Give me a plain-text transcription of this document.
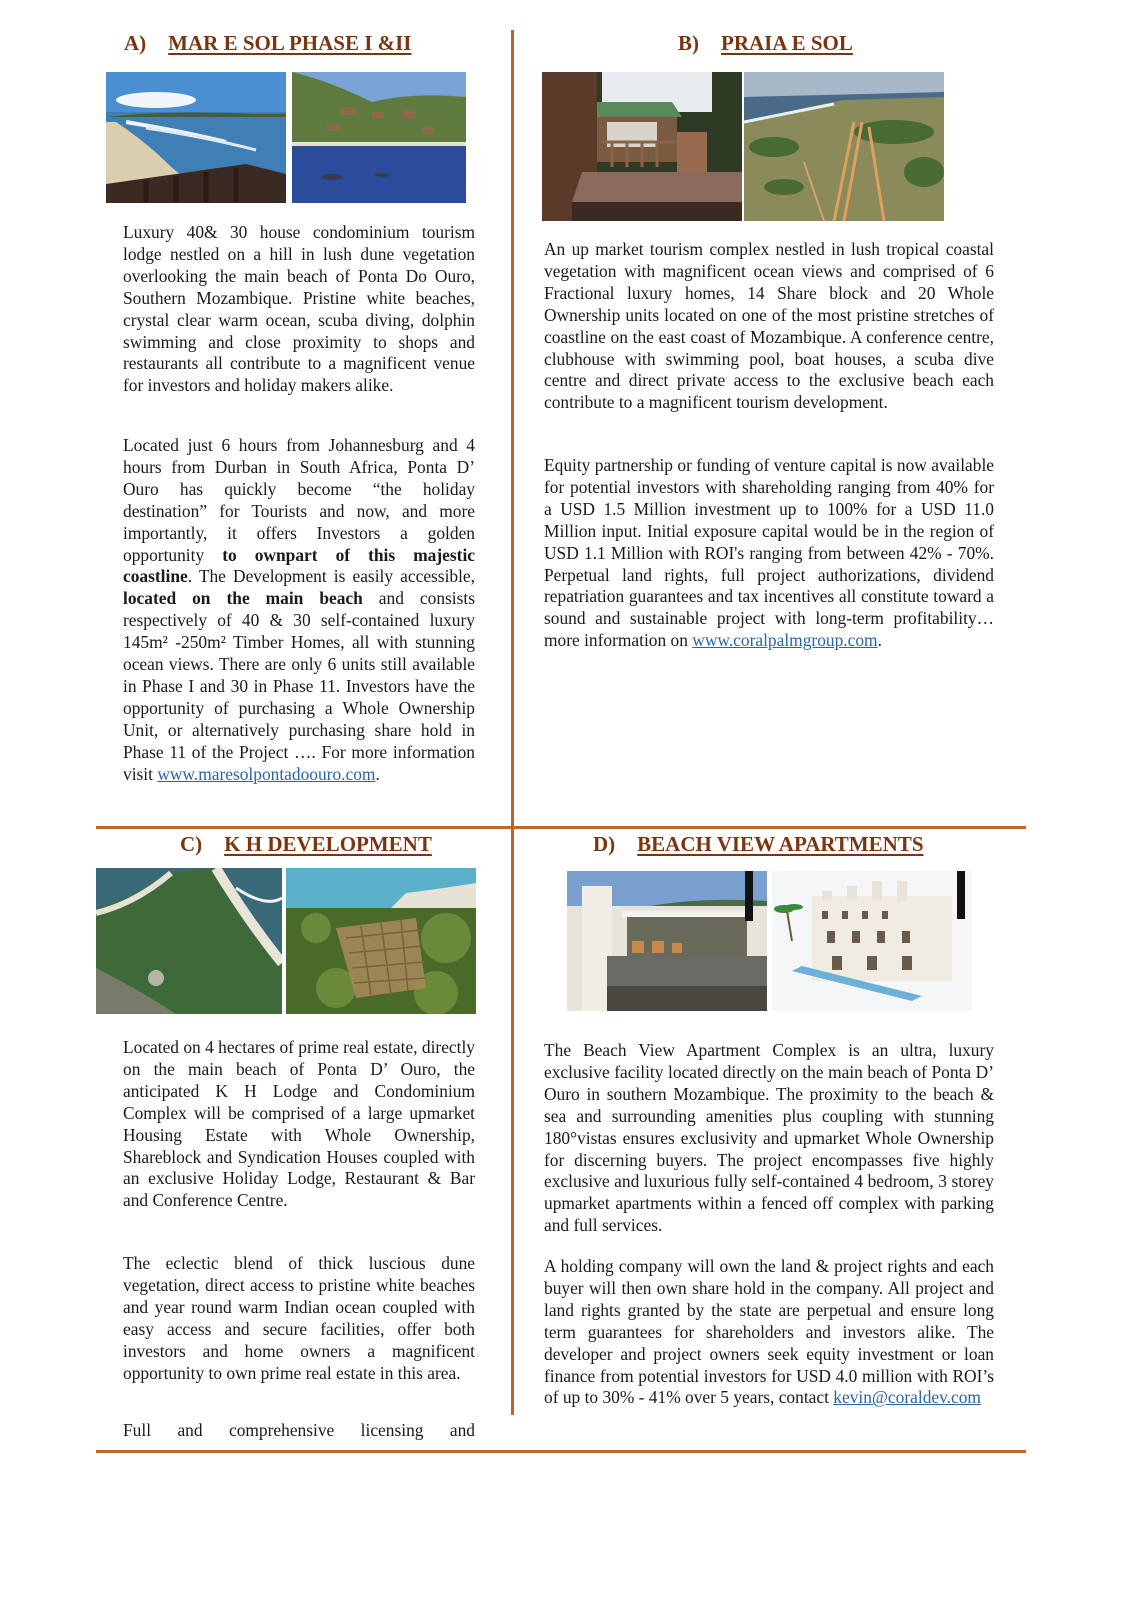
A) MAR E SOL PHASE I &II

Luxury 40& 30 house condominium tourism lodge nestled on a hill in lush dune vegetation overlooking the main beach of Ponta Do Ouro, Southern Mozambique. Pristine white beaches, crystal clear warm ocean, scuba diving, dolphin swimming and close proximity to shops and restaurants all contribute to a magnificent venue for investors and holiday makers alike.

Located just 6 hours from Johannesburg and 4 hours from Durban in South Africa, Ponta D’ Ouro has quickly become “the holiday destination” for Tourists and now, and more importantly, it offers Investors a golden opportunity to ownpart of this majestic coastline. The Development is easily accessible, located on the main beach and consists respectively of 40 & 30 self-contained luxury 145m² -250m² Timber Homes, all with stunning ocean views. There are only 6 units still available in Phase I and 30 in Phase 11. Investors have the opportunity of purchasing a Whole Ownership Unit, or alternatively purchasing share hold in Phase 11 of the Project …. For more information visit www.maresolpontadoouro.com.

B) PRAIA E SOL

An up market tourism complex nestled in lush tropical coastal vegetation with magnificent ocean views and comprised of 6 Fractional luxury homes, 14 Share block and 20 Whole Ownership units located on one of the most pristine stretches of coastline on the east coast of Mozambique. A conference centre, clubhouse with swimming pool, boat houses, a scuba dive centre and direct private access to the exclusive beach each contribute to a magnificent tourism development.

Equity partnership or funding of venture capital is now available for potential investors with shareholding ranging from 40% for a USD 1.5 Million investment up to 100% for a USD 11.0 Million input. Initial exposure capital would be in the region of USD 1.1 Million with ROI's ranging from between 42% - 70%. Perpetual land rights, full project authorizations, dividend repatriation guarantees and tax incentives all constitute toward a sound and sustainable project with long-term profitability…more information on www.coralpalmgroup.com.

C) K H DEVELOPMENT

Located on 4 hectares of prime real estate, directly on the main beach of Ponta D’ Ouro, the anticipated K H Lodge and Condominium Complex will be comprised of a large upmarket Housing Estate with Whole Ownership, Shareblock and Syndication Houses coupled with an exclusive Holiday Lodge, Restaurant & Bar and Conference Centre.

The eclectic blend of thick luscious dune vegetation, direct access to pristine white beaches and year round warm Indian ocean coupled with easy access and secure facilities, offer both investors and home owners a magnificent opportunity to own prime real estate in this area.

Full and comprehensive licensing and

D) BEACH VIEW APARTMENTS

The Beach View Apartment Complex is an ultra, luxury exclusive facility located directly on the main beach of Ponta D’ Ouro in southern Mozambique. The proximity to the beach & sea and surrounding amenities plus coupling with stunning 180°vistas ensures exclusivity and upmarket Whole Ownership for discerning buyers. The project encompasses five highly exclusive and luxurious fully self-contained 4 bedroom, 3 storey upmarket apartments within a fenced off complex with parking and full services.

A holding company will own the land & project rights and each buyer will then own share hold in the company. All project and land rights granted by the state are perpetual and ensure long term guarantees for shareholders and investors alike. The developer and project owners seek equity investment or loan finance from potential investors for USD 4.0 million with ROI’s of up to 30% - 41% over 5 years, contact kevin@coraldev.com
